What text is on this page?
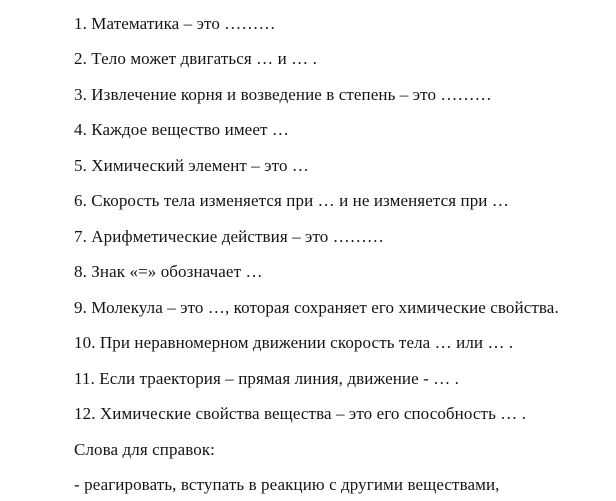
1. Математика – это ………
2. Тело может двигаться … и … .
3. Извлечение корня и возведение в степень – это ………
4. Каждое вещество имеет …
5. Химический элемент – это …
6. Скорость тела изменяется при … и не изменяется при …
7. Арифметические действия – это ………
8. Знак «=» обозначает …
9. Молекула – это …, которая сохраняет его химические свойства.
10. При неравномерном движении скорость тела … или … .
11. Если траектория – прямая линия, движение - … .
12. Химические свойства вещества – это его способность … .
Слова для справок:
- реагировать, вступать в реакцию с другими веществами,
